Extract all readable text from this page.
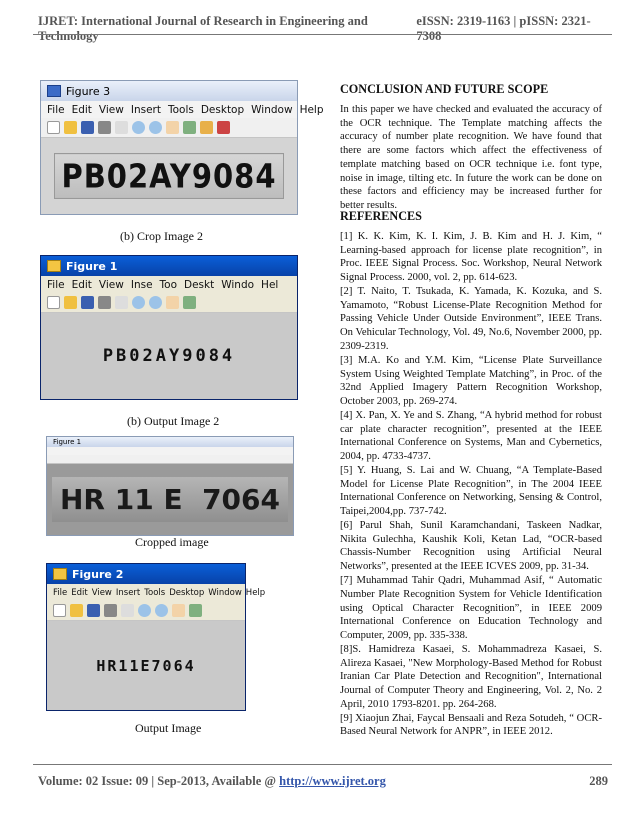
IJRET: International Journal of Research in Engineering and Technology
eISSN: 2319-1163 | pISSN: 2321-7308
Figure 3
File Edit View Insert Tools Desktop Window Help
PB02AY9084
(b) Crop Image 2
Figure 1
File Edit View Inse Too Deskt Windo Hel
PB02AY9084
(b) Output Image 2
Figure 1
HR 11 E  7064
Cropped image
Figure 2
File Edit View Insert Tools Desktop Window Help
HR11E7064
Output Image
CONCLUSION AND FUTURE SCOPE

In this paper we have checked and evaluated the accuracy of the OCR technique. The Template matching affects the accuracy of number plate recognition. We have found that there are some factors which affect the effectiveness of template matching based on OCR technique i.e. font type, noise in image, tilting etc. In future the work can be done on these factors and efficiency may be increased further for better results.

REFERENCES

[1] K. K. Kim, K. I. Kim, J. B. Kim and H. J. Kim, “ Learning-based approach for license plate recognition”, in Proc. IEEE Signal Process. Soc. Workshop, Neural Network Signal Process. 2000, vol. 2, pp. 614-623.

[2] T. Naito, T. Tsukada, K. Yamada, K. Kozuka, and S. Yamamoto, “Robust License-Plate Recognition Method for Passing Vehicle Under Outside Environment”, IEEE Trans. On Vehicular Technology, Vol. 49, No.6, November 2000, pp. 2309-2319.

[3] M.A. Ko and Y.M. Kim, “License Plate Surveillance System Using Weighted Template Matching”, in Proc. of the 32nd Applied Imagery Pattern Recognition Workshop, October 2003, pp. 269-274.

[4] X. Pan, X. Ye and S. Zhang, “A hybrid method for robust car plate character recognition”, presented at the IEEE International Conference on Systems, Man and Cybernetics, 2004, pp. 4733-4737.

[5] Y. Huang, S. Lai and W. Chuang, “A Template-Based Model for License Plate Recognition”, in The 2004 IEEE International Conference on Networking, Sensing & Control, Taipei,2004,pp. 737-742.

[6] Parul Shah, Sunil Karamchandani, Taskeen Nadkar, Nikita Gulechha, Kaushik Koli, Ketan Lad, “OCR-based Chassis-Number Recognition using Artificial Neural Networks”, presented at the IEEE ICVES 2009, pp. 31-34.

[7] Muhammad Tahir Qadri, Muhammad Asif, “ Automatic Number Plate Recognition System for Vehicle Identification using Optical Character Recognition”, in IEEE 2009 International Conference on Education Technology and Computer, 2009, pp. 335-338.

[8]S. Hamidreza Kasaei, S. Mohammadreza Kasaei, S. Alireza Kasaei, "New Morphology-Based Method for Robust Iranian Car Plate Detection and Recognition", International Journal of Computer Theory and Engineering, Vol. 2, No. 2 April, 2010 1793-8201. pp. 264-268.

[9] Xiaojun Zhai, Faycal Bensaali and Reza Sotudeh, “ OCR-Based Neural Network for ANPR”, in IEEE 2012.

Volume: 02 Issue: 09 | Sep-2013, Available @ http://www.ijret.org	289
